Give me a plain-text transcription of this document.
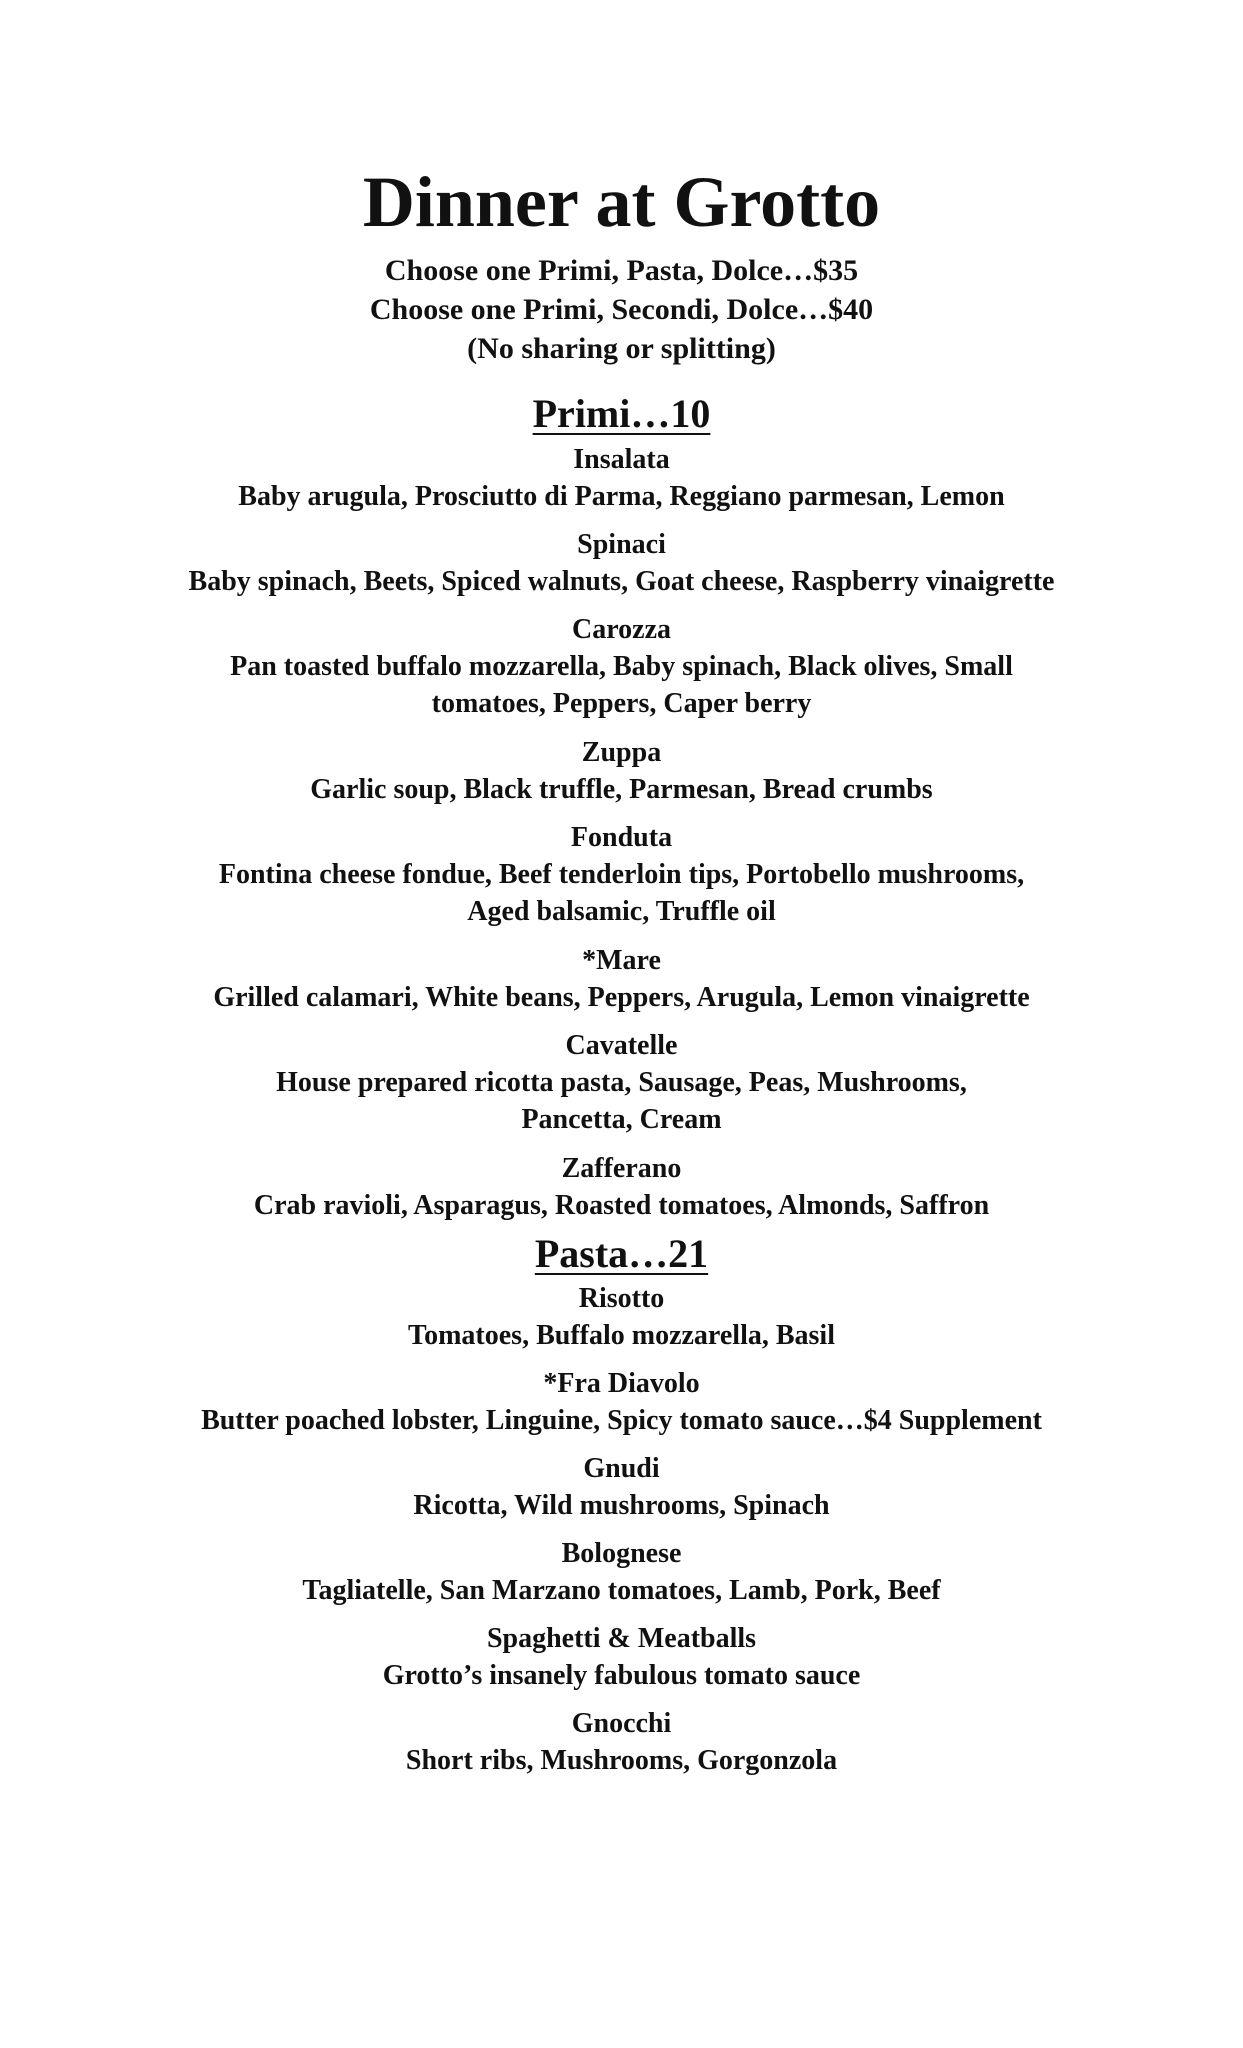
Dinner at Grotto
Choose one Primi, Pasta, Dolce…$35
Choose one Primi, Secondi, Dolce…$40
(No sharing or splitting)
Primi…10
Insalata
Baby arugula, Prosciutto di Parma, Reggiano parmesan, Lemon
Spinaci
Baby spinach, Beets, Spiced walnuts, Goat cheese, Raspberry vinaigrette
Carozza
Pan toasted buffalo mozzarella, Baby spinach, Black olives, Small
tomatoes, Peppers, Caper berry
Zuppa
Garlic soup, Black truffle, Parmesan, Bread crumbs
Fonduta
Fontina cheese fondue, Beef tenderloin tips, Portobello mushrooms,
Aged balsamic, Truffle oil
*Mare
Grilled calamari, White beans, Peppers, Arugula, Lemon vinaigrette
Cavatelle
House prepared ricotta pasta, Sausage, Peas, Mushrooms,
Pancetta, Cream
Zafferano
Crab ravioli, Asparagus, Roasted tomatoes, Almonds, Saffron
Pasta…21
Risotto
Tomatoes, Buffalo mozzarella, Basil
*Fra Diavolo
Butter poached lobster, Linguine, Spicy tomato sauce…$4 Supplement
Gnudi
Ricotta, Wild mushrooms, Spinach
Bolognese
Tagliatelle, San Marzano tomatoes, Lamb, Pork, Beef
Spaghetti & Meatballs
Grotto’s insanely fabulous tomato sauce
Gnocchi
Short ribs, Mushrooms, Gorgonzola
